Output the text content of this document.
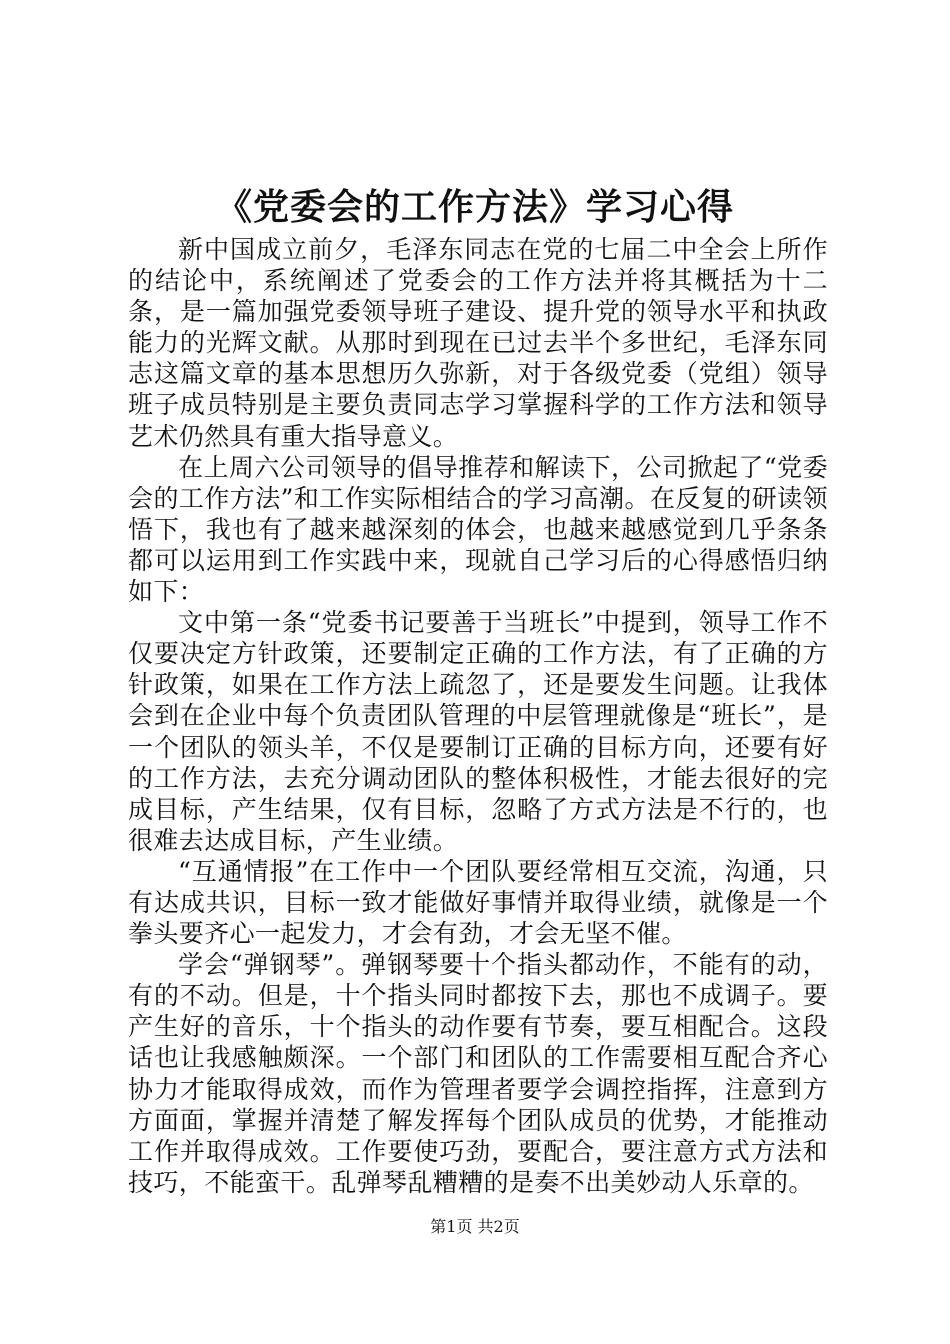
《党委会的工作方法》学习心得

新中国成立前夕，毛泽东同志在党的七届二中全会上所作的结论中，系统阐述了党委会的工作方法并将其概括为十二条，是一篇加强党委领导班子建设、提升党的领导水平和执政能力的光辉文献。从那时到现在已过去半个多世纪，毛泽东同志这篇文章的基本思想历久弥新，对于各级党委（党组）领导班子成员特别是主要负责同志学习掌握科学的工作方法和领导艺术仍然具有重大指导意义。

在上周六公司领导的倡导推荐和解读下，公司掀起了“党委会的工作方法”和工作实际相结合的学习高潮。在反复的研读领悟下，我也有了越来越深刻的体会，也越来越感觉到几乎条条都可以运用到工作实践中来，现就自己学习后的心得感悟归纳如下：

文中第一条“党委书记要善于当班长”中提到，领导工作不仅要决定方针政策，还要制定正确的工作方法，有了正确的方针政策，如果在工作方法上疏忽了，还是要发生问题。让我体会到在企业中每个负责团队管理的中层管理就像是“班长”，是一个团队的领头羊，不仅是要制订正确的目标方向，还要有好的工作方法，去充分调动团队的整体积极性，才能去很好的完成目标，产生结果，仅有目标，忽略了方式方法是不行的，也很难去达成目标，产生业绩。

“互通情报”在工作中一个团队要经常相互交流，沟通，只有达成共识，目标一致才能做好事情并取得业绩，就像是一个拳头要齐心一起发力，才会有劲，才会无坚不催。

学会“弹钢琴”。弹钢琴要十个指头都动作，不能有的动，有的不动。但是，十个指头同时都按下去，那也不成调子。要产生好的音乐，十个指头的动作要有节奏，要互相配合。这段话也让我感触颇深。一个部门和团队的工作需要相互配合齐心协力才能取得成效，而作为管理者要学会调控指挥，注意到方方面面，掌握并清楚了解发挥每个团队成员的优势，才能推动工作并取得成效。工作要使巧劲，要配合，要注意方式方法和技巧，不能蛮干。乱弹琴乱糟糟的是奏不出美妙动人乐章的。

第1页 共2页
